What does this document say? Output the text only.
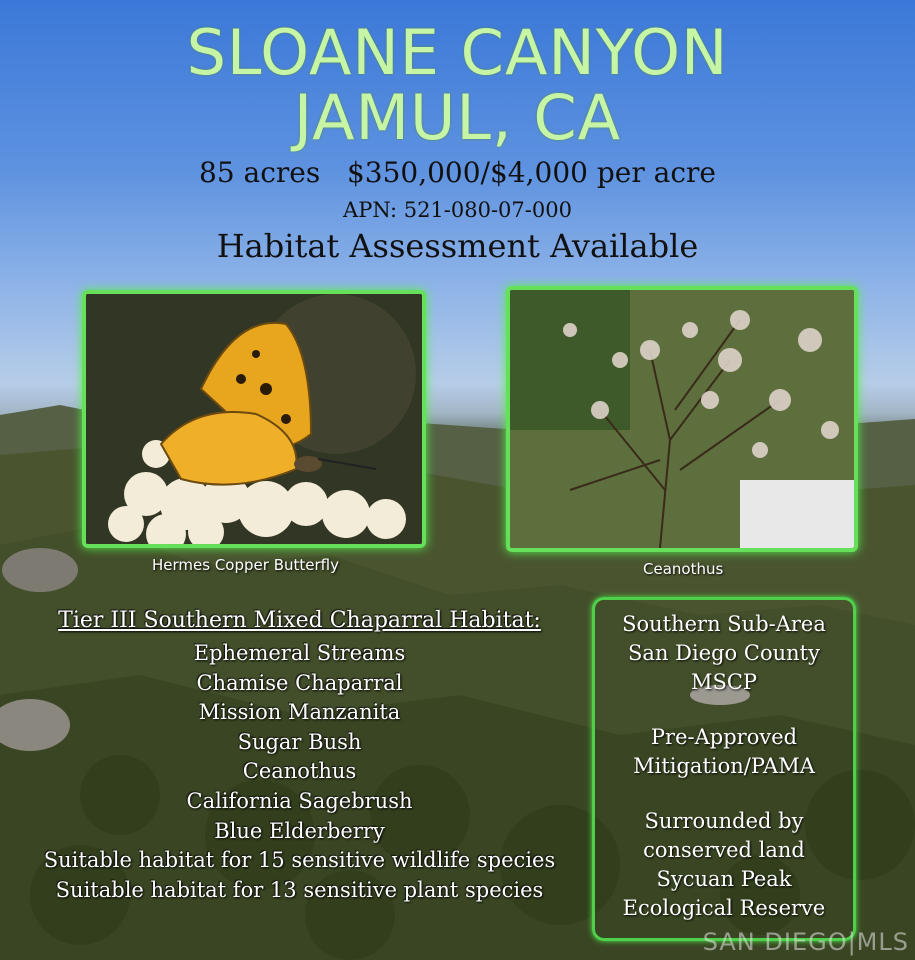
SLOANE CANYON
JAMUL, CA
85 acres   $350,000/$4,000 per acre
APN: 521-080-07-000
Habitat Assessment Available
Hermes Copper Butterfly	Ceanothus
Tier III Southern Mixed Chaparral Habitat:
Ephemeral Streams
Chamise Chaparral
Mission Manzanita
Sugar Bush
Ceanothus
California Sagebrush
Blue Elderberry
Suitable habitat for 15 sensitive wildlife species
Suitable habitat for 13 sensitive plant species
Southern Sub-Area
San Diego County
MSCP
Pre-Approved
Mitigation/PAMA
Surrounded by
conserved land
Sycuan Peak
Ecological Reserve
SAN DIEGO|MLS
